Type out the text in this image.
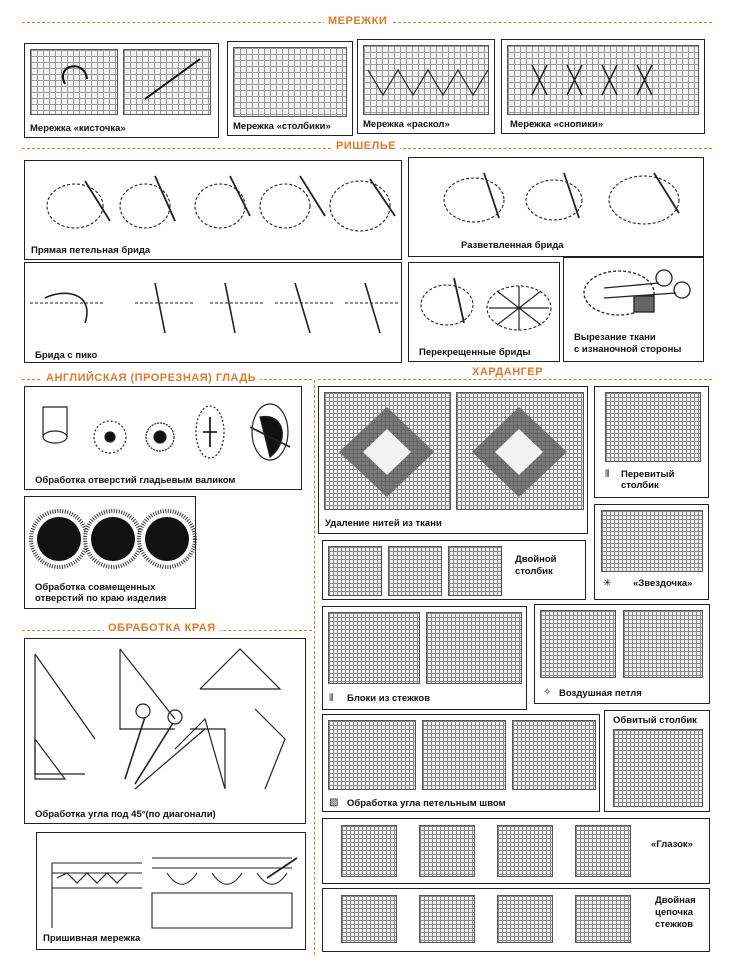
МЕРЕЖКИ
Мережка «кисточка»	Мережка «столбики»	Мережка «раскол»	Мережка «снопики»
РИШЕЛЬЕ
Прямая петельная брида	Разветвленная брида
Брида с пико	Перекрещенные бриды
Вырезание ткани
с изнаночной стороны
АНГЛИЙСКАЯ (ПРОРЕЗНАЯ) ГЛАДЬ
Обработка отверстий гладьевым валиком
Обработка совмещенных
отверстий по краю изделия
ОБРАБОТКА КРАЯ
Обработка угла под 45°(по диагонали)
Пришивная мережка
ХАРДАНГЕР
Удаление нитей из ткани
⦀ Перевитый
столбик
Двойной
столбик
✳ «Звездочка»
⦀ Блоки из стежков
✧ Воздушная петля
▧ Обработка угла петельным швом
Обвитый столбик
«Глазок»
Двойная
цепочка
стежков
